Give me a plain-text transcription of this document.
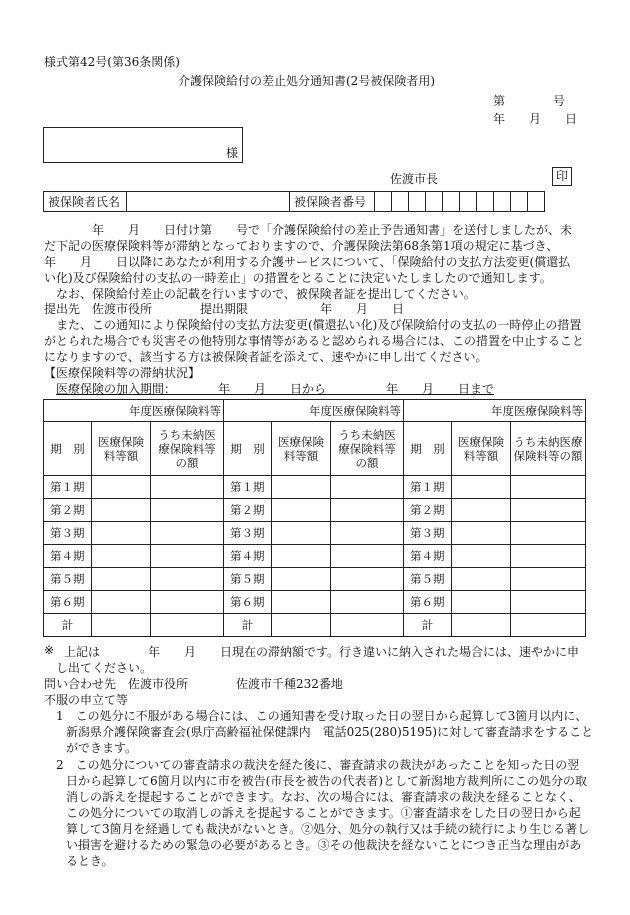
様式第42号(第36条関係)
介護保険給付の差止処分通知書(2号被保険者用)
第　　　　号
年　　月　　日
様
佐渡市長	印
被保険者氏名		被保険者番号										
　　　　年　　月　　日付け第　　号で「介護保険給付の差止予告通知書」を送付しましたが、未
だ下記の医療保険料等が滞納となっておりますので、介護保険法第68条第1項の規定に基づき、
年　　月　　日以降にあなたが利用する介護サービスについて、「保険給付の支払方法変更(償還払
い化)及び保険給付の支払の一時差止」の措置をとることに決定いたしましたので通知します。
　なお、保険給付差止の記載を行いますので、被保険者証を提出してください。
提出先　佐渡市役所　　　　提出期限　　　　　　年　　月　　日
　また、この通知により保険給付の支払方法変更(償還払い化)及び保険給付の支払の一時停止の措置
がとられた場合でも災害その他特別な事情等があると認められる場合には、この措置を中止すること
になりますので、該当する方は被保険者証を添えて、速やかに申し出てください。
【医療保険料等の滞納状況】
医療保険の加入期間：　　　　年　　月　　日から　　　　　年　　月　　日まで
年度医療保険料等			年度医療保険料等			年度医療保険料等		
期　別	医療保険料等額	うち未納医療保険料等の額	期　別	医療保険料等額	うち未納医療保険料等の額	期　別	医療保険料等額	うち未納医療保険料等の額
第１期			第１期			第１期		
第２期			第２期			第２期		
第３期			第３期			第３期		
第４期			第４期			第４期		
第５期			第５期			第５期		
第６期			第６期			第６期		
計			計			計		
※ 上記は　　　　年　　月　　日現在の滞納額です。行き違いに納入された場合には、速やかに申
し出てください。
問い合わせ先　佐渡市役所　　　　佐渡市千種232番地
不服の申立て等
1　この処分に不服がある場合には、この通知書を受け取った日の翌日から起算して3箇月以内に、
新潟県介護保険審査会(県庁高齢福祉保健課内　電話025(280)5195)に対して審査請求をすること
ができます。
2　この処分についての審査請求の裁決を経た後に、審査請求の裁決があったことを知った日の翌
日から起算して6箇月以内に市を被告(市長を被告の代表者)として新潟地方裁判所にこの処分の取
消しの訴えを提起することができます。なお、次の場合には、審査請求の裁決を経ることなく、
この処分についての取消しの訴えを提起することができます。①審査請求をした日の翌日から起
算して3箇月を経過しても裁決がないとき。②処分、処分の執行又は手続の続行により生じる著し
い損害を避けるための緊急の必要があるとき。③その他裁決を経ないことにつき正当な理由があ
るとき。
